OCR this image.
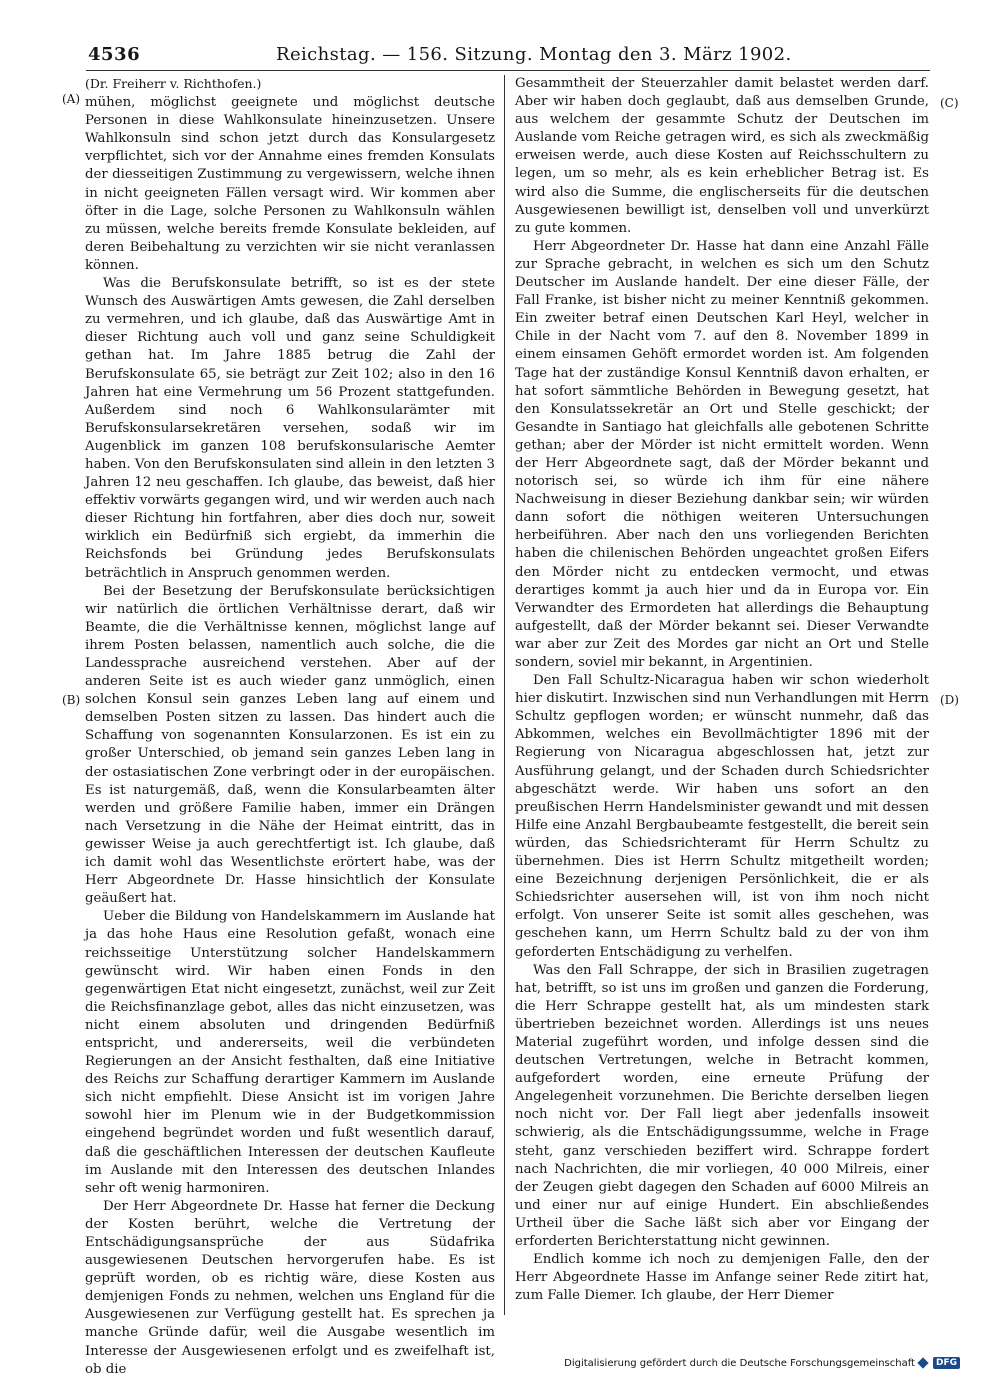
4536	Reichstag. — 156. Sitzung. Montag den 3. März 1902.
(A)
(B)
(C)
(D)

(Dr. Freiherr v. Richthofen.)

mühen, möglichst geeignete und möglichst deutsche Personen in diese Wahlkonsulate hineinzusetzen. Unsere Wahlkonsuln sind schon jetzt durch das Konsulargesetz verpflichtet, sich vor der Annahme eines fremden Konsulats der diesseitigen Zustimmung zu vergewissern, welche ihnen in nicht geeigneten Fällen versagt wird. Wir kommen aber öfter in die Lage, solche Personen zu Wahlkonsuln wählen zu müssen, welche bereits fremde Konsulate bekleiden, auf deren Beibehaltung zu verzichten wir sie nicht veranlassen können.

Was die Berufskonsulate betrifft, so ist es der stete Wunsch des Auswärtigen Amts gewesen, die Zahl derselben zu vermehren, und ich glaube, daß das Auswärtige Amt in dieser Richtung auch voll und ganz seine Schuldigkeit gethan hat. Im Jahre 1885 betrug die Zahl der Berufskonsulate 65, sie beträgt zur Zeit 102; also in den 16 Jahren hat eine Vermehrung um 56 Prozent stattgefunden. Außerdem sind noch 6 Wahlkonsularämter mit Berufskonsularsekretären versehen, sodaß wir im Augenblick im ganzen 108 berufskonsularische Aemter haben. Von den Berufskonsulaten sind allein in den letzten 3 Jahren 12 neu geschaffen. Ich glaube, das beweist, daß hier effektiv vorwärts gegangen wird, und wir werden auch nach dieser Richtung hin fortfahren, aber dies doch nur, soweit wirklich ein Bedürfniß sich ergiebt, da immerhin die Reichsfonds bei Gründung jedes Berufskonsulats beträchtlich in Anspruch genommen werden.

Bei der Besetzung der Berufskonsulate berücksichtigen wir natürlich die örtlichen Verhältnisse derart, daß wir Beamte, die die Verhältnisse kennen, möglichst lange auf ihrem Posten belassen, namentlich auch solche, die die Landessprache ausreichend verstehen. Aber auf der anderen Seite ist es auch wieder ganz unmöglich, einen solchen Konsul sein ganzes Leben lang auf einem und demselben Posten sitzen zu lassen. Das hindert auch die Schaffung von sogenannten Konsularzonen. Es ist ein zu großer Unterschied, ob jemand sein ganzes Leben lang in der ostasiatischen Zone verbringt oder in der europäischen. Es ist naturgemäß, daß, wenn die Konsularbeamten älter werden und größere Familie haben, immer ein Drängen nach Versetzung in die Nähe der Heimat eintritt, das in gewisser Weise ja auch gerechtfertigt ist. Ich glaube, daß ich damit wohl das Wesentlichste erörtert habe, was der Herr Abgeordnete Dr. Hasse hinsichtlich der Konsulate geäußert hat.

Ueber die Bildung von Handelskammern im Auslande hat ja das hohe Haus eine Resolution gefaßt, wonach eine reichsseitige Unterstützung solcher Handelskammern gewünscht wird. Wir haben einen Fonds in den gegenwärtigen Etat nicht eingesetzt, zunächst, weil zur Zeit die Reichsfinanzlage gebot, alles das nicht einzusetzen, was nicht einem absoluten und dringenden Bedürfniß entspricht, und andererseits, weil die verbündeten Regierungen an der Ansicht festhalten, daß eine Initiative des Reichs zur Schaffung derartiger Kammern im Auslande sich nicht empfiehlt. Diese Ansicht ist im vorigen Jahre sowohl hier im Plenum wie in der Budgetkommission eingehend begründet worden und fußt wesentlich darauf, daß die geschäftlichen Interessen der deutschen Kaufleute im Auslande mit den Interessen des deutschen Inlandes sehr oft wenig harmoniren.

Der Herr Abgeordnete Dr. Hasse hat ferner die Deckung der Kosten berührt, welche die Vertretung der Entschädigungsansprüche der aus Südafrika ausgewiesenen Deutschen hervorgerufen habe. Es ist geprüft worden, ob es richtig wäre, diese Kosten aus demjenigen Fonds zu nehmen, welchen uns England für die Ausgewiesenen zur Verfügung gestellt hat. Es sprechen ja manche Gründe dafür, weil die Ausgabe wesentlich im Interesse der Ausgewiesenen erfolgt und es zweifelhaft ist, ob die

Gesammtheit der Steuerzahler damit belastet werden darf. Aber wir haben doch geglaubt, daß aus demselben Grunde, aus welchem der gesammte Schutz der Deutschen im Auslande vom Reiche getragen wird, es sich als zweckmäßig erweisen werde, auch diese Kosten auf Reichsschultern zu legen, um so mehr, als es kein erheblicher Betrag ist. Es wird also die Summe, die englischerseits für die deutschen Ausgewiesenen bewilligt ist, denselben voll und unverkürzt zu gute kommen.

Herr Abgeordneter Dr. Hasse hat dann eine Anzahl Fälle zur Sprache gebracht, in welchen es sich um den Schutz Deutscher im Auslande handelt. Der eine dieser Fälle, der Fall Franke, ist bisher nicht zu meiner Kenntniß gekommen. Ein zweiter betraf einen Deutschen Karl Heyl, welcher in Chile in der Nacht vom 7. auf den 8. November 1899 in einem einsamen Gehöft ermordet worden ist. Am folgenden Tage hat der zuständige Konsul Kenntniß davon erhalten, er hat sofort sämmtliche Behörden in Bewegung gesetzt, hat den Konsulatssekretär an Ort und Stelle geschickt; der Gesandte in Santiago hat gleichfalls alle gebotenen Schritte gethan; aber der Mörder ist nicht ermittelt worden. Wenn der Herr Abgeordnete sagt, daß der Mörder bekannt und notorisch sei, so würde ich ihm für eine nähere Nachweisung in dieser Beziehung dankbar sein; wir würden dann sofort die nöthigen weiteren Untersuchungen herbeiführen. Aber nach den uns vorliegenden Berichten haben die chilenischen Behörden ungeachtet großen Eifers den Mörder nicht zu entdecken vermocht, und etwas derartiges kommt ja auch hier und da in Europa vor. Ein Verwandter des Ermordeten hat allerdings die Behauptung aufgestellt, daß der Mörder bekannt sei. Dieser Verwandte war aber zur Zeit des Mordes gar nicht an Ort und Stelle sondern, soviel mir bekannt, in Argentinien.

Den Fall Schultz-Nicaragua haben wir schon wiederholt hier diskutirt. Inzwischen sind nun Verhandlungen mit Herrn Schultz gepflogen worden; er wünscht nunmehr, daß das Abkommen, welches ein Bevollmächtigter 1896 mit der Regierung von Nicaragua abgeschlossen hat, jetzt zur Ausführung gelangt, und der Schaden durch Schiedsrichter abgeschätzt werde. Wir haben uns sofort an den preußischen Herrn Handelsminister gewandt und mit dessen Hilfe eine Anzahl Bergbaubeamte festgestellt, die bereit sein würden, das Schiedsrichteramt für Herrn Schultz zu übernehmen. Dies ist Herrn Schultz mitgetheilt worden; eine Bezeichnung derjenigen Persönlichkeit, die er als Schiedsrichter ausersehen will, ist von ihm noch nicht erfolgt. Von unserer Seite ist somit alles geschehen, was geschehen kann, um Herrn Schultz bald zu der von ihm geforderten Entschädigung zu verhelfen.

Was den Fall Schrappe, der sich in Brasilien zugetragen hat, betrifft, so ist uns im großen und ganzen die Forderung, die Herr Schrappe gestellt hat, als um mindesten stark übertrieben bezeichnet worden. Allerdings ist uns neues Material zugeführt worden, und infolge dessen sind die deutschen Vertretungen, welche in Betracht kommen, aufgefordert worden, eine erneute Prüfung der Angelegenheit vorzunehmen. Die Berichte derselben liegen noch nicht vor. Der Fall liegt aber jedenfalls insoweit schwierig, als die Entschädigungssumme, welche in Frage steht, ganz verschieden beziffert wird. Schrappe fordert nach Nachrichten, die mir vorliegen, 40 000 Milreis, einer der Zeugen giebt dagegen den Schaden auf 6000 Milreis an und einer nur auf einige Hundert. Ein abschließendes Urtheil über die Sache läßt sich aber vor Eingang der erforderten Berichterstattung nicht gewinnen.

Endlich komme ich noch zu demjenigen Falle, den der Herr Abgeordnete Hasse im Anfange seiner Rede zitirt hat, zum Falle Diemer. Ich glaube, der Herr Diemer

Digitalisierung gefördert durch die Deutsche Forschungsgemeinschaft	DFG
